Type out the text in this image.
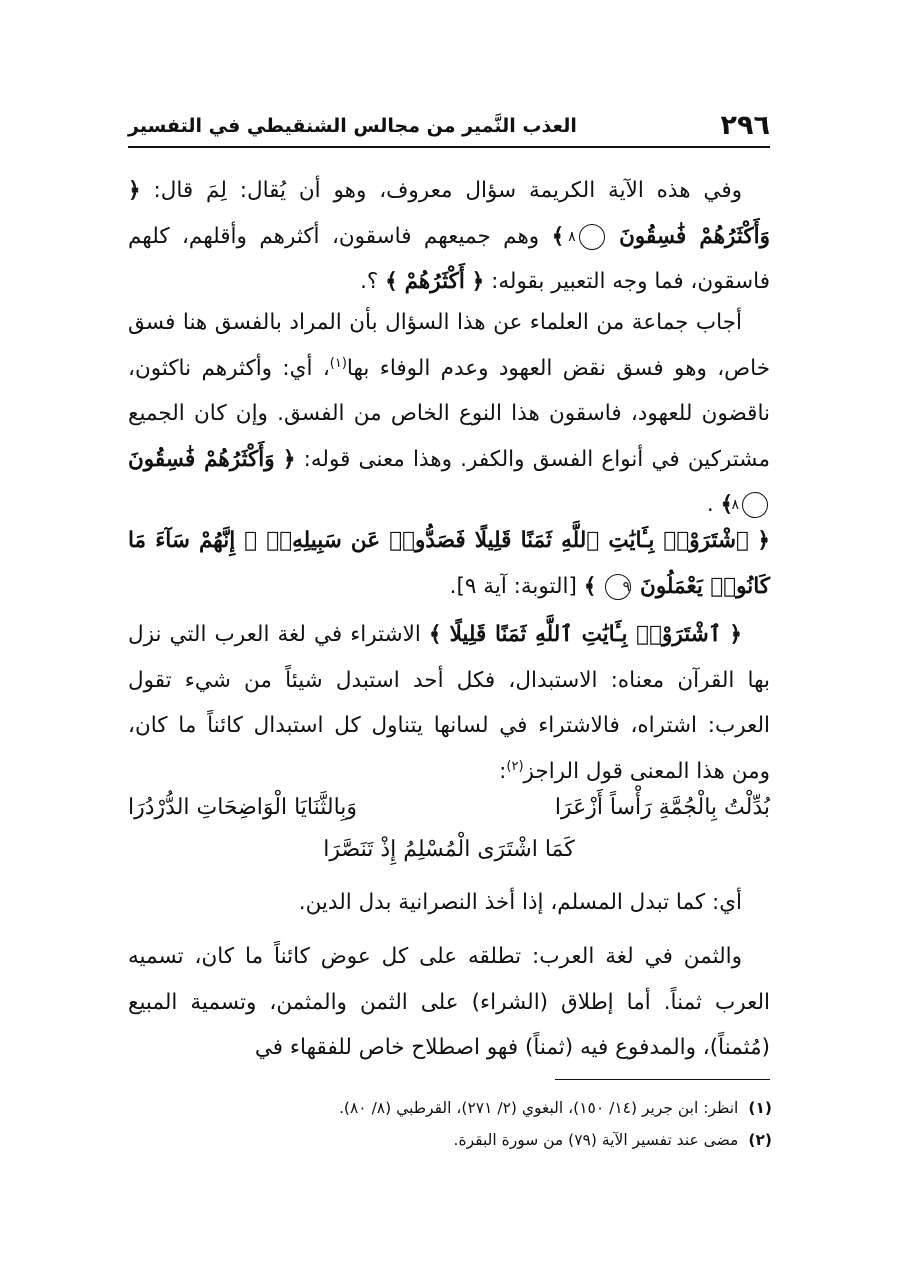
٢٩٦
العذب النَّمير من مجالس الشنقيطي في التفسير

وفي هذه الآية الكريمة سؤال معروف، وهو أن يُقال: لِمَ قال: ﴿ وَأَكْثَرُهُمْ فَٰسِقُونَ ٨ ﴾ وهم جميعهم فاسقون، أكثرهم وأقلهم، كلهم فاسقون، فما وجه التعبير بقوله: ﴿ أَكْثَرُهُمْ ﴾ ؟.

أجاب جماعة من العلماء عن هذا السؤال بأن المراد بالفسق هنا فسق خاص، وهو فسق نقض العهود وعدم الوفاء بها$^{(١)}$، أي: وأكثرهم ناكثون، ناقضون للعهود، فاسقون هذا النوع الخاص من الفسق. وإن كان الجميع مشتركين في أنواع الفسق والكفر. وهذا معنى قوله: ﴿ وَأَكْثَرُهُمْ فَٰسِقُونَ ٨ ﴾ .

﴿ ٱشْتَرَوْا۟ بِـَٔايَٰتِ ٱللَّهِ ثَمَنًا قَلِيلًا فَصَدُّوا۟ عَن سَبِيلِهِۦٓ ۚ إِنَّهُمْ سَآءَ مَا كَانُوا۟ يَعْمَلُونَ ٩ ﴾ [التوبة: آية ٩].

﴿ ٱشْتَرَوْا۟ بِـَٔايَٰتِ ٱللَّهِ ثَمَنًا قَلِيلًا ﴾ الاشتراء في لغة العرب التي نزل بها القرآن معناه: الاستبدال، فكل أحد استبدل شيئاً من شيء تقول العرب: اشتراه، فالاشتراء في لسانها يتناول كل استبدال كائناً ما كان، ومن هذا المعنى قول الراجز$^{(٢)}$:

بُدِّلْتُ بِالْجُمَّةِ رَأْساً أَزْعَرَا
وَبِالثَّنَايَا الْوَاضِحَاتِ الدُّرْدُرَا
كَمَا اشْتَرَى الْمُسْلِمُ إِذْ تَنَصَّرَا

أي: كما تبدل المسلم، إذا أخذ النصرانية بدل الدين.

والثمن في لغة العرب: تطلقه على كل عوض كائناً ما كان، تسميه العرب ثمناً. أما إطلاق (الشراء) على الثمن والمثمن، وتسمية المبيع (مُثمناً)، والمدفوع فيه (ثمناً) فهو اصطلاح خاص للفقهاء في

(١)انظر: ابن جرير (١٤/ ١٥٠)، البغوي (٢/ ٢٧١)، القرطبي (٨/ ٨٠).
(٢)مضى عند تفسير الآية (٧٩) من سورة البقرة.
